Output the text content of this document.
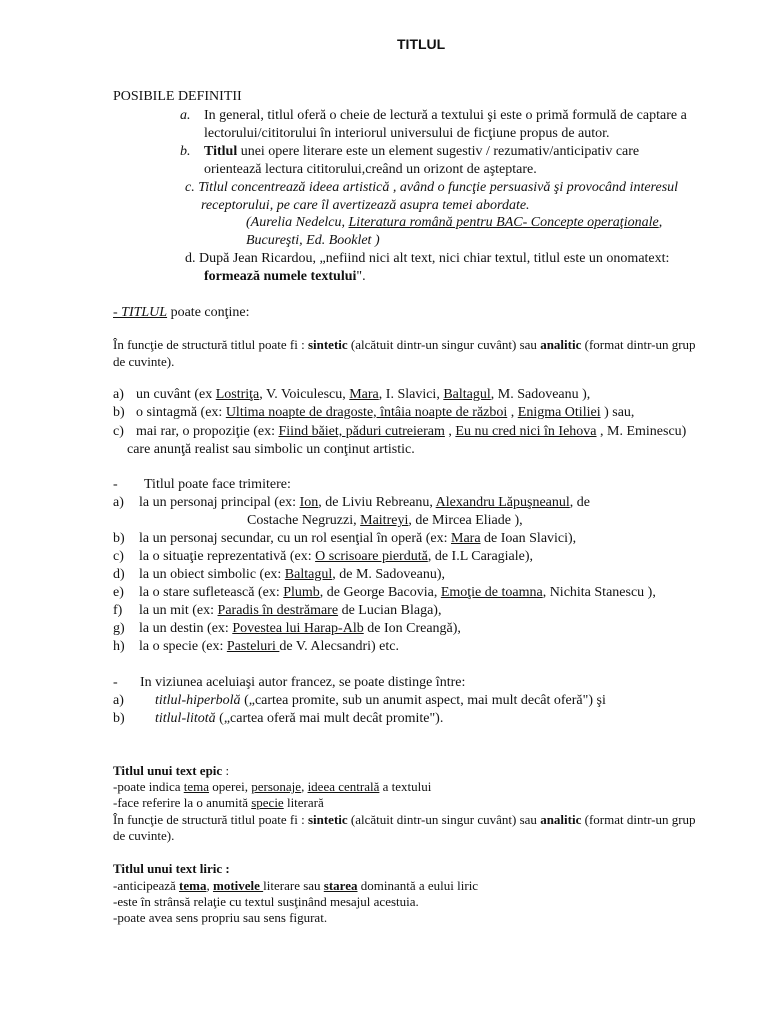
TITLUL
POSIBILE DEFINITII
a. In general, titlul oferă o cheie de lectură a textului şi este o primă formulă de captare a
lectorului/cititorului în interiorul universului de ficţiune propus de autor.
b. Titlul unei opere literare este un element sugestiv / rezumativ/anticipativ care
orientează lectura cititorului,creând un orizont de aşteptare.
c. Titlul concentrează ideea artistică , având o funcţie persuasivă şi provocând interesul
receptorului, pe care îl avertizează asupra temei abordate.
(Aurelia Nedelcu, Literatura română pentru BAC- Concepte operaţionale,
Bucureşti, Ed. Booklet )
d. După Jean Ricardou, „nefiind nici alt text, nici chiar textul, titlul este un onomatext:
formează numele textului".
- TITLUL poate conţine:
În funcţie de structură titlul poate fi : sintetic (alcătuit dintr-un singur cuvânt) sau analitic (format dintr-un grup
de cuvinte).
a) un cuvânt (ex Lostriţa, V. Voiculescu, Mara, I. Slavici, Baltagul, M. Sadoveanu ),
b) o sintagmă (ex: Ultima noapte de dragoste, întâia noapte de război , Enigma Otiliei ) sau,
c) mai rar, o propoziţie (ex: Fiind băiet, păduri cutreieram , Eu nu cred nici în Iehova , M. Eminescu)
care anunţă realist sau simbolic un conţinut artistic.
- Titlul poate face trimitere:
a) la un personaj principal (ex: Ion, de Liviu Rebreanu, Alexandru Lăpuşneanul, de
Costache Negruzzi, Maitreyi, de Mircea Eliade ),
b) la un personaj secundar, cu un rol esenţial în operă (ex: Mara de Ioan Slavici),
c) la o situaţie reprezentativă (ex: O scrisoare pierdută, de I.L Caragiale),
d) la un obiect simbolic (ex: Baltagul, de M. Sadoveanu),
e) la o stare sufletească (ex: Plumb, de George Bacovia, Emoţie de toamna, Nichita Stanescu ),
f) la un mit (ex: Paradis în destrămare de Lucian Blaga),
g) la un destin (ex: Povestea lui Harap-Alb de Ion Creangă),
h) la o specie (ex: Pasteluri de V. Alecsandri) etc.
- In viziunea aceluiaşi autor francez, se poate distinge între:
a) titlul-hiperbolă („cartea promite, sub un anumit aspect, mai mult decât oferă") şi
b) titlul-litotă („cartea oferă mai mult decât promite").
Titlul unui text epic :
-poate indica tema operei, personaje, ideea centrală a textului
-face referire la o anumită specie literară
În funcţie de structură titlul poate fi : sintetic (alcătuit dintr-un singur cuvânt) sau analitic (format dintr-un grup
de cuvinte).
Titlul unui text liric :
-anticipează tema, motivele literare sau starea dominantă a eului liric
-este în strânsă relaţie cu textul susţinând mesajul acestuia.
-poate avea sens propriu sau sens figurat.
